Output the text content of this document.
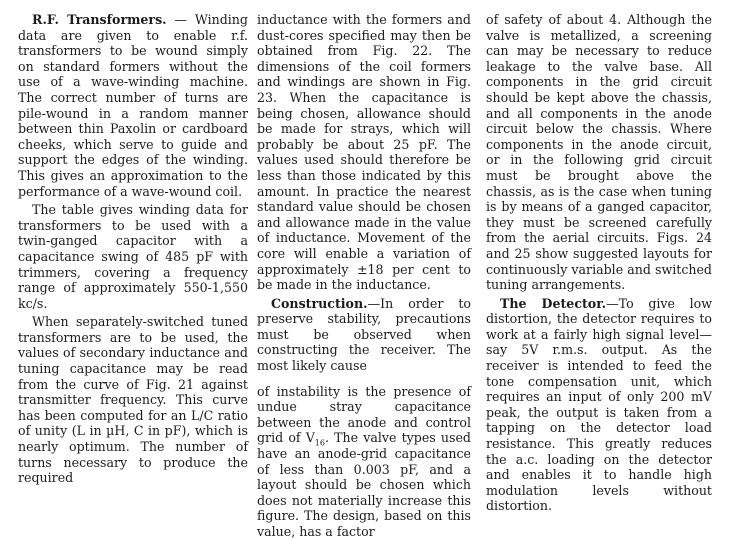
R.F. Transformers. — Winding data are given to enable r.f. transformers to be wound simply on standard formers without the use of a wave-winding machine. The correct number of turns are pile-wound in a random manner between thin Paxolin or cardboard cheeks, which serve to guide and support the edges of the winding. This gives an approximation to the performance of a wave-wound coil.

The table gives winding data for transformers to be used with a twin-ganged capacitor with a capacitance swing of 485 pF with trimmers, covering a frequency range of approximately 550-1,550 kc/s.

When separately-switched tuned transformers are to be used, the values of secondary inductance and tuning capacitance may be read from the curve of Fig. 21 against transmitter frequency. This curve has been computed for an L/C ratio of unity (L in µH, C in pF), which is nearly optimum. The number of turns necessary to produce the required

inductance with the formers and dust-cores specified may then be obtained from Fig. 22. The dimensions of the coil formers and windings are shown in Fig. 23. When the capacitance is being chosen, allowance should be made for strays, which will probably be about 25 pF. The values used should therefore be less than those indicated by this amount. In practice the nearest standard value should be chosen and allowance made in the value of inductance. Movement of the core will enable a variation of approximately ±18 per cent to be made in the inductance.

Construction.—In order to preserve stability, precautions must be observed when constructing the receiver. The most likely cause

of instability is the presence of undue stray capacitance between the anode and control grid of $V_{16}$. The valve types used have an anode-grid capacitance of less than 0.003 pF, and a layout should be chosen which does not materially increase this figure. The design, based on this value, has a factor

of safety of about 4. Although the valve is metallized, a screening can may be necessary to reduce leakage to the valve base. All components in the grid circuit should be kept above the chassis, and all components in the anode circuit below the chassis. Where components in the anode circuit, or in the following grid circuit must be brought above the chassis, as is the case when tuning is by means of a ganged capacitor, they must be screened carefully from the aerial circuits. Figs. 24 and 25 show suggested layouts for continuously variable and switched tuning arrangements.

The Detector.—To give low distortion, the detector requires to work at a fairly high signal level—say 5V r.m.s. output. As the receiver is intended to feed the tone compensation unit, which requires an input of only 200 mV peak, the output is taken from a tapping on the detector load resistance. This greatly reduces the a.c. loading on the detector and enables it to handle high modulation levels without distortion.
